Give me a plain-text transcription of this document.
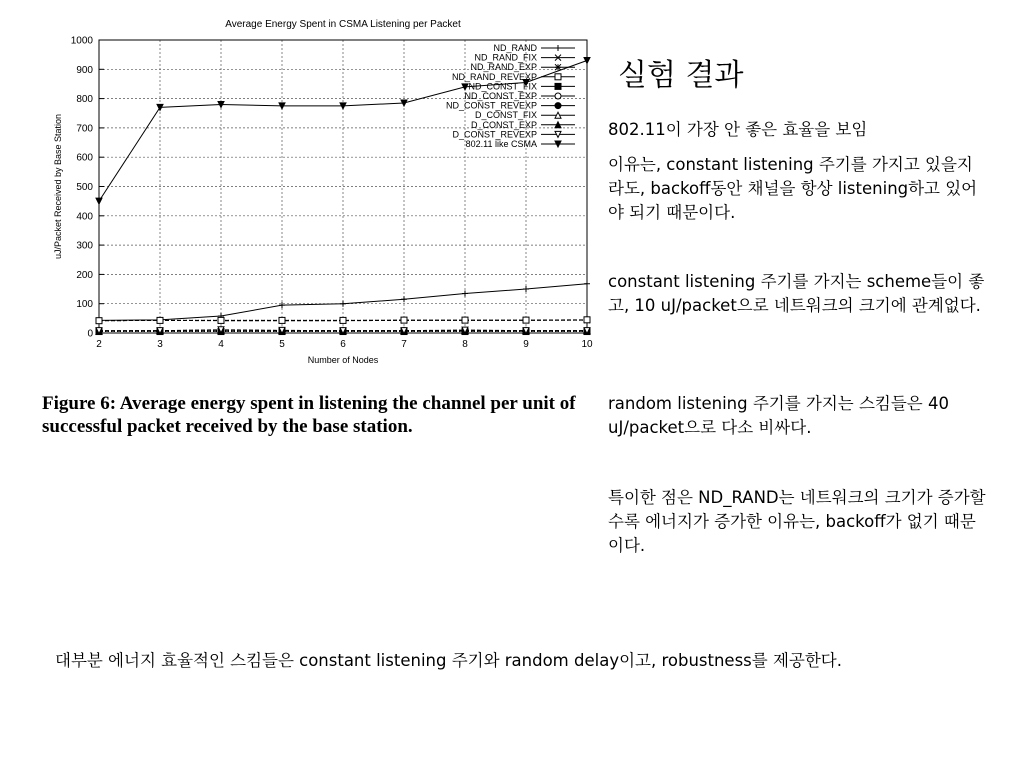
0
100
200
300
400
500
600
700
800
900
1000
2	3	4	5	6	7	8	9	10
Average Energy Spent in CSMA Listening per Packet
Number of Nodes
uJ/Packet Received by Base Station
ND_RAND
ND_RAND_FIX
ND_RAND_EXP
ND_RAND_REVEXP
ND_CONST_FIX
ND_CONST_EXP
ND_CONST_REVEXP
D_CONST_FIX
D_CONST_EXP
D_CONST_REVEXP
802.11 like CSMA
Figure 6: Average energy spent in listening the channel per unit of successful packet received by the base station.
실험 결과
802.11이 가장 안 좋은 효율을 보임
이유는, constant listening 주기를 가지고 있을지라도, backoff동안 채널을 항상 listening하고 있어야 되기 때문이다.
constant listening 주기를 가지는 scheme들이 좋고, 10 uJ/packet으로 네트워크의 크기에 관계없다.
random listening 주기를 가지는 스킴들은 40 uJ/packet으로 다소 비싸다.
특이한 점은 ND_RAND는 네트워크의 크기가 증가할 수록 에너지가 증가한 이유는, backoff가 없기 때문이다.
대부분 에너지 효율적인 스킴들은 constant listening 주기와 random delay이고, robustness를 제공한다.
